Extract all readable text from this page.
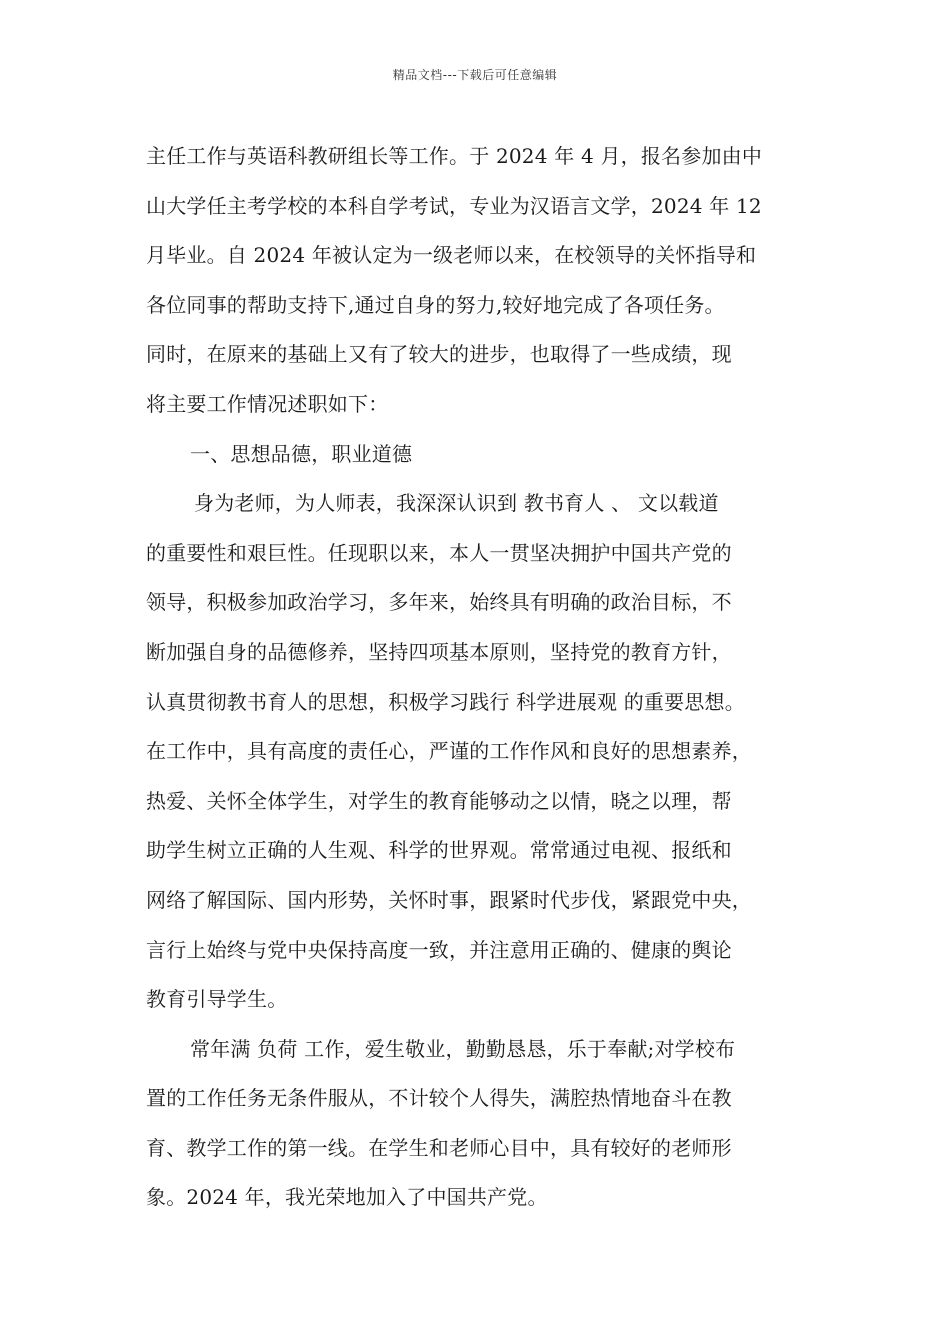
精品文档---下载后可任意编辑
主任工作与英语科教研组长等工作。于 2024 年 4 月，报名参加由中
山大学任主考学校的本科自学考试，专业为汉语言文学，2024 年 12
月毕业。自 2024 年被认定为一级老师以来，在校领导的关怀指导和
各位同事的帮助支持下,通过自身的努力,较好地完成了各项任务。
同时，在原来的基础上又有了较大的进步，也取得了一些成绩，现
将主要工作情况述职如下：
一、思想品德，职业道德
身为老师，为人师表，我深深认识到 教书育人 、 文以载道
的重要性和艰巨性。任现职以来，本人一贯坚决拥护中国共产党的
领导，积极参加政治学习，多年来，始终具有明确的政治目标，不
断加强自身的品德修养，坚持四项基本原则，坚持党的教育方针，
认真贯彻教书育人的思想，积极学习践行 科学进展观 的重要思想。
在工作中，具有高度的责任心，严谨的工作作风和良好的思想素养，
热爱、关怀全体学生，对学生的教育能够动之以情，晓之以理，帮
助学生树立正确的人生观、科学的世界观。常常通过电视、报纸和
网络了解国际、国内形势，关怀时事，跟紧时代步伐，紧跟党中央，
言行上始终与党中央保持高度一致，并注意用正确的、健康的舆论
教育引导学生。
常年满 负荷 工作，爱生敬业，勤勤恳恳，乐于奉献;对学校布
置的工作任务无条件服从，不计较个人得失，满腔热情地奋斗在教
育、教学工作的第一线。在学生和老师心目中，具有较好的老师形
象。2024 年，我光荣地加入了中国共产党。
